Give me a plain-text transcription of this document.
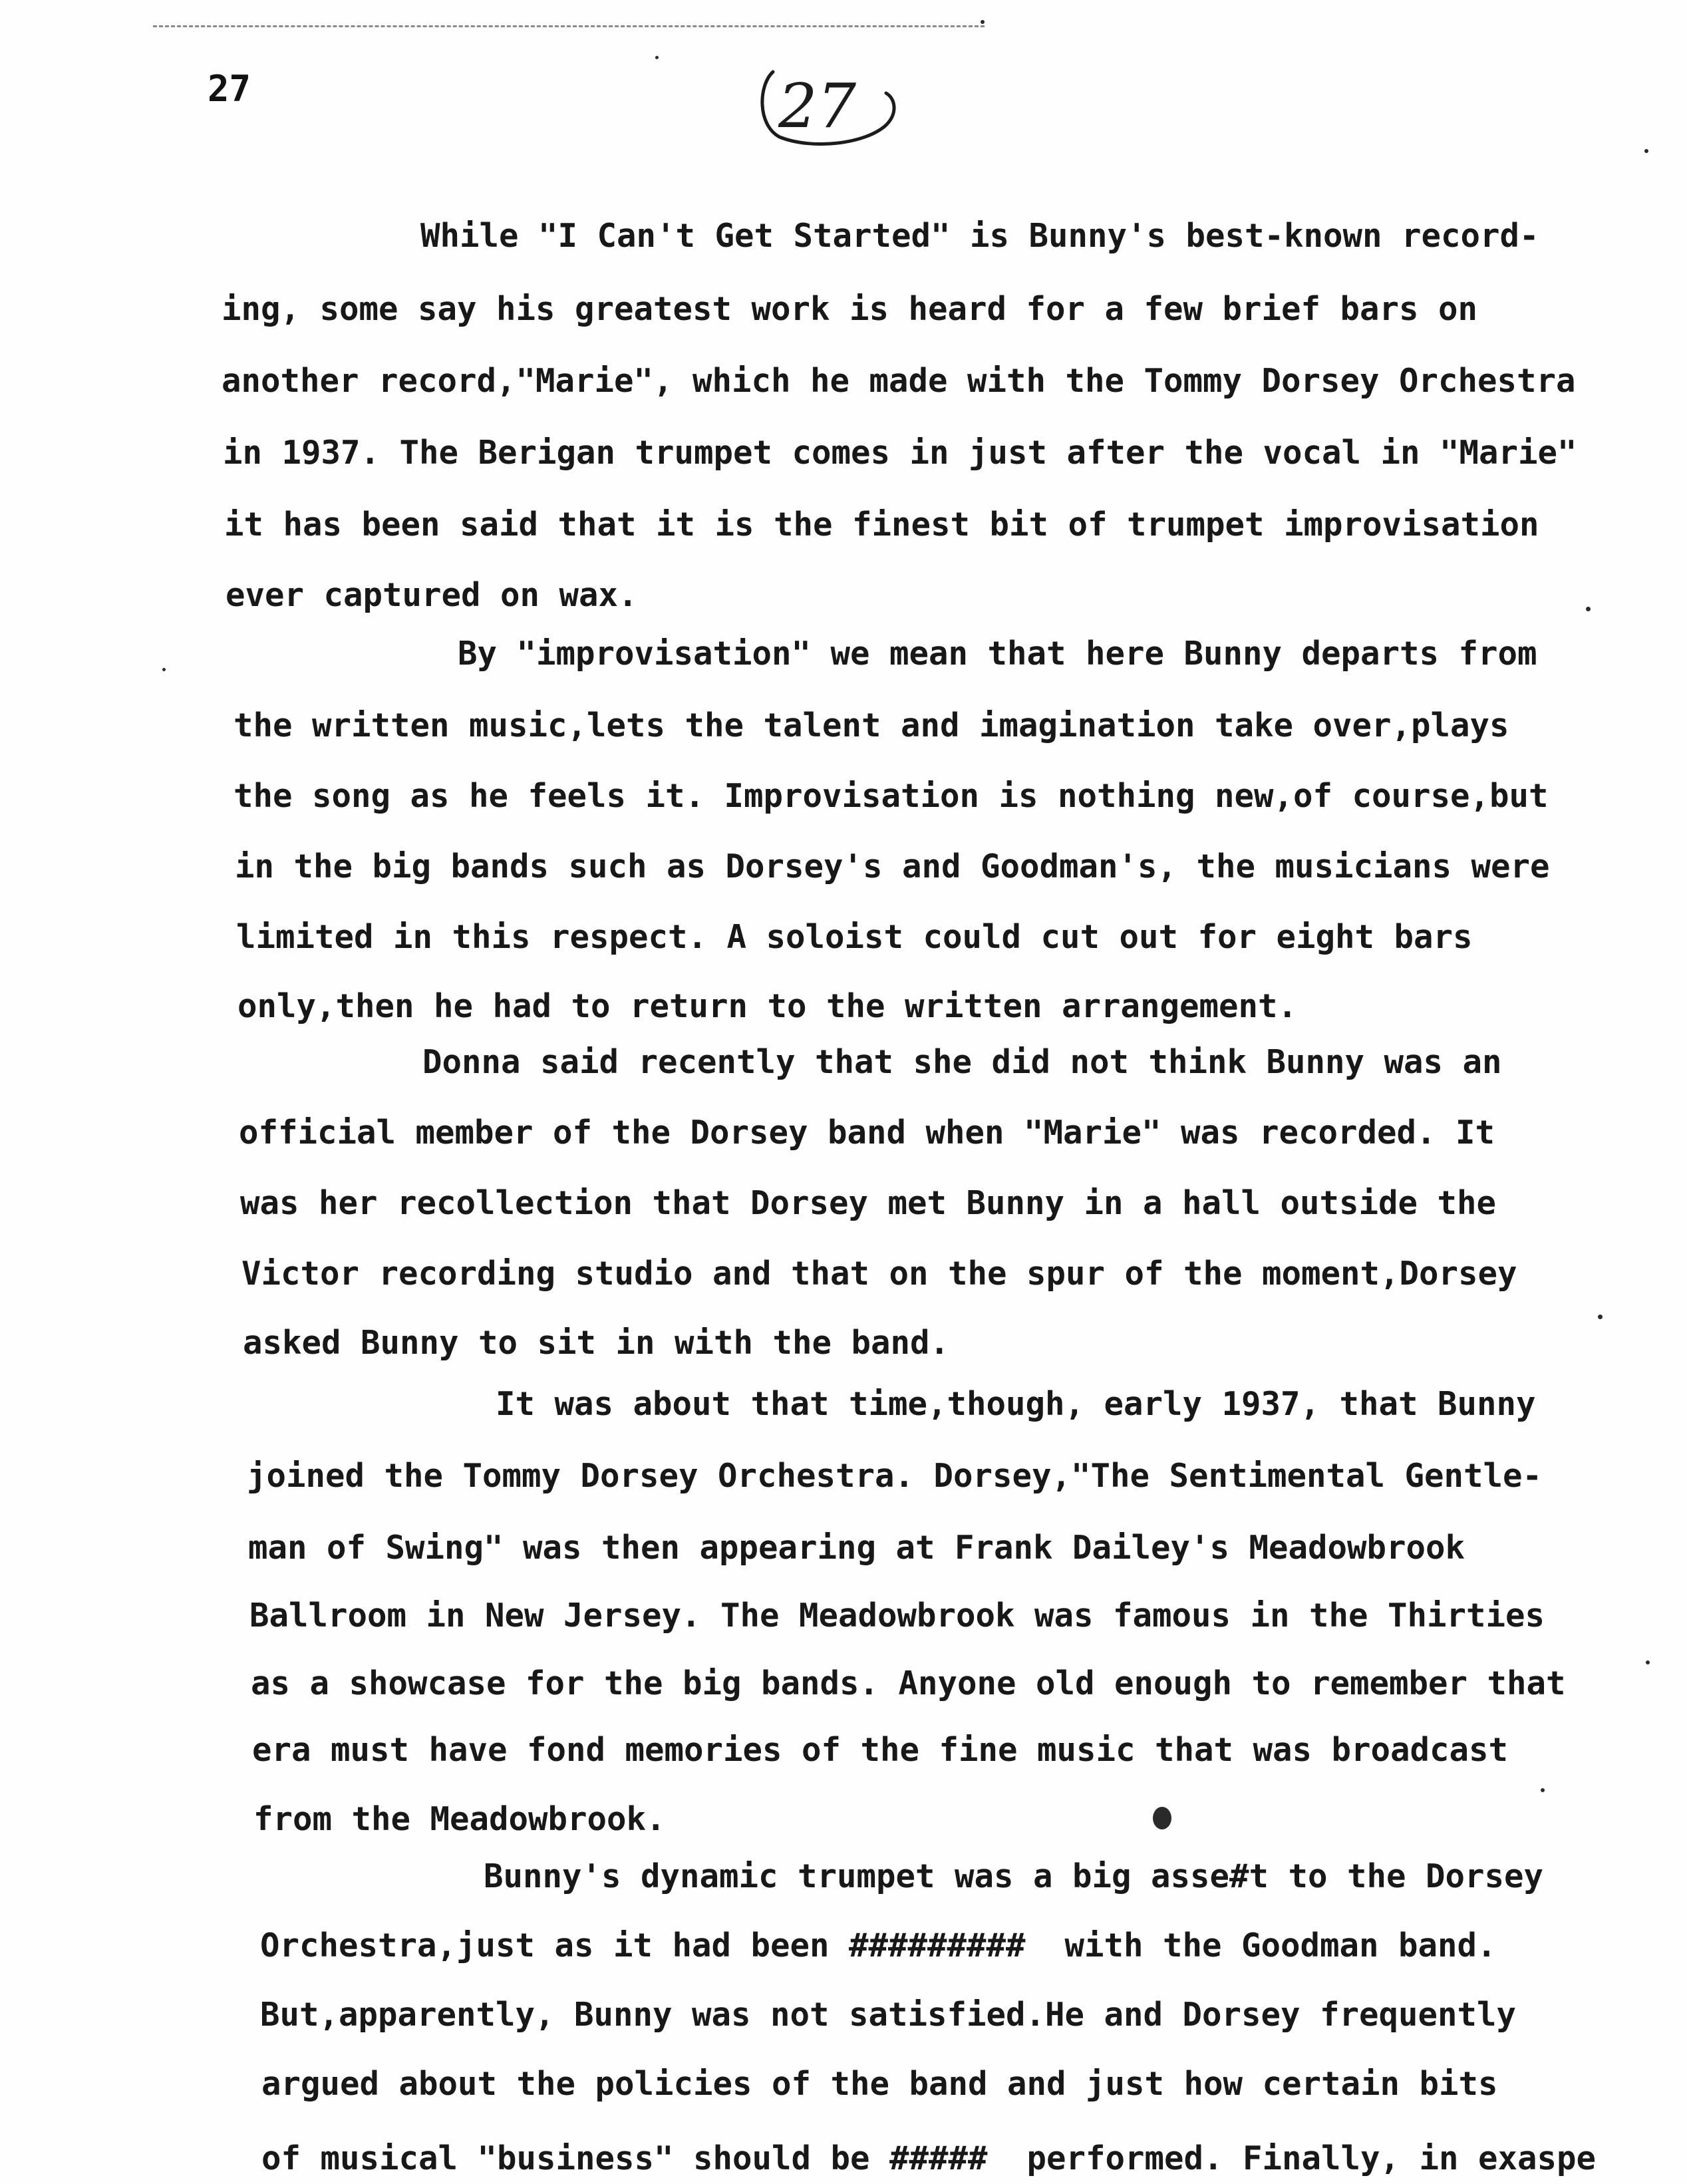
27	27
While "I Can't Get Started" is Bunny's best-known record-
ing, some say his greatest work is heard for a few brief bars on
another record,"Marie", which he made with the Tommy Dorsey Orchestra
in 1937. The Berigan trumpet comes in just after the vocal in "Marie"
it has been said that it is the finest bit of trumpet improvisation
ever captured on wax.
By "improvisation" we mean that here Bunny departs from
the written music,lets the talent and imagination take over,plays
the song as he feels it. Improvisation is nothing new,of course,but
in the big bands such as Dorsey's and Goodman's, the musicians were
limited in this respect. A soloist could cut out for eight bars
only,then he had to return to the written arrangement.
Donna said recently that she did not think Bunny was an
official member of the Dorsey band when "Marie" was recorded. It
was her recollection that Dorsey met Bunny in a hall outside the
Victor recording studio and that on the spur of the moment,Dorsey
asked Bunny to sit in with the band.
It was about that time,though, early 1937, that Bunny
joined the Tommy Dorsey Orchestra. Dorsey,"The Sentimental Gentle-
man of Swing" was then appearing at Frank Dailey's Meadowbrook
Ballroom in New Jersey. The Meadowbrook was famous in the Thirties
as a showcase for the big bands. Anyone old enough to remember that
era must have fond memories of the fine music that was broadcast
from the Meadowbrook.
Bunny's dynamic trumpet was a big asse#t to the Dorsey
Orchestra,just as it had been #########  with the Goodman band.
But,apparently, Bunny was not satisfied.He and Dorsey frequently
argued about the policies of the band and just how certain bits
of musical "business" should be #####  performed. Finally, in exaspe
